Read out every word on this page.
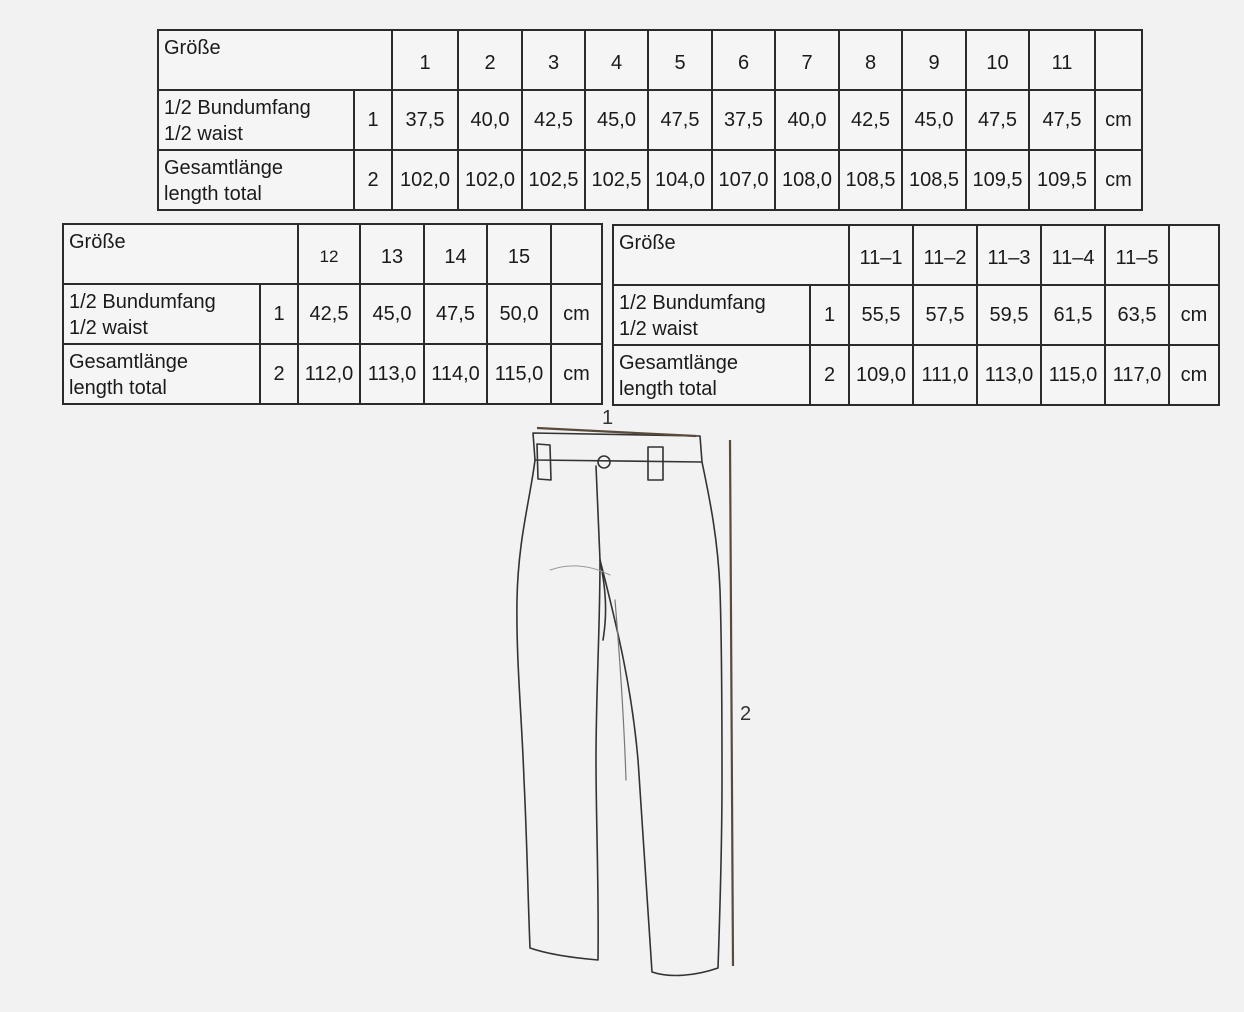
Größe		1	2	3	4	5	6	7	8	9	10	11	

1/2 Bundumfang
1/2 waist	1	37,5	40,0	42,5	45,0	47,5	37,5	40,0	42,5	45,0	47,5	47,5	cm

Gesamtlänge
length total	2	102,0	102,0	102,5	102,5	104,0	107,0	108,0	108,5	108,5	109,5	109,5	cm
Größe		12	13	14	15	

1/2 Bundumfang
1/2 waist	1	42,5	45,0	47,5	50,0	cm

Gesamtlänge
length total	2	112,0	113,0	114,0	115,0	cm
Größe		11–1	11–2	11–3	11–4	11–5	

1/2 Bundumfang
1/2 waist	1	55,5	57,5	59,5	61,5	63,5	cm

Gesamtlänge
length total	2	109,0	111,0	113,0	115,0	117,0	cm
1
2
